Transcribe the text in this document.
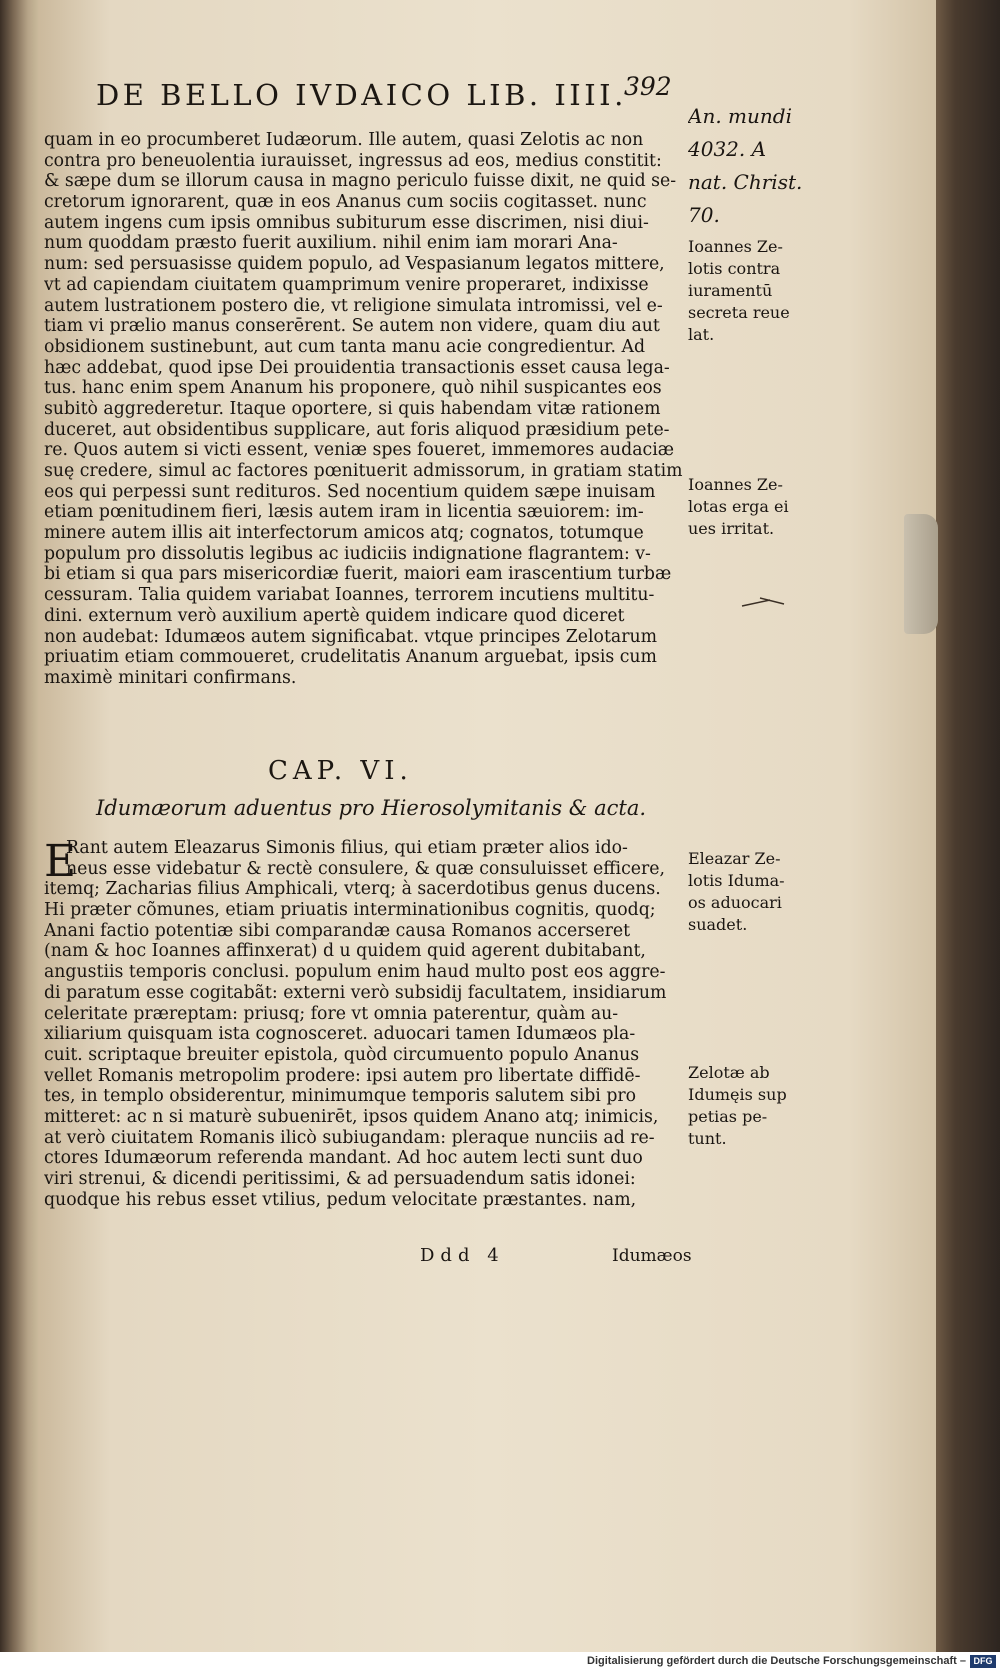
DE BELLO IVDAICO LIB. IIII.
392
quam in eo procumberet Iudæorum. Ille autem, quasi Zelotis ac non
contra pro beneuolentia iurauisset, ingressus ad eos, medius constitit:
& sæpe dum se illorum causa in magno periculo fuisse dixit, ne quid se-
cretorum ignorarent, quæ in eos Ananus cum sociis cogitasset. nunc
autem ingens cum ipsis omnibus subiturum esse discrimen, nisi diui-
num quoddam præsto fuerit auxilium. nihil enim iam morari Ana-
num: sed persuasisse quidem populo, ad Vespasianum legatos mittere,
vt ad capiendam ciuitatem quamprimum venire properaret, indixisse
autem lustrationem postero die, vt religione simulata intromissi, vel e-
tiam vi prælio manus conserērent. Se autem non videre, quam diu aut
obsidionem sustinebunt, aut cum tanta manu acie congredientur. Ad
hæc addebat, quod ipse Dei prouidentia transactionis esset causa lega-
tus. hanc enim spem Ananum his proponere, quò nihil suspicantes eos
subitò aggrederetur. Itaque oportere, si quis habendam vitæ rationem
duceret, aut obsidentibus supplicare, aut foris aliquod præsidium pete-
re. Quos autem si victi essent, veniæ spes foueret, immemores audaciæ
suę credere, simul ac factores pœnituerit admissorum, in gratiam statim
eos qui perpessi sunt redituros. Sed nocentium quidem sæpe inuisam
etiam pœnitudinem fieri, læsis autem iram in licentia sæuiorem: im-
minere autem illis ait interfectorum amicos atq; cognatos, totumque
populum pro dissolutis legibus ac iudiciis indignatione flagrantem: v-
bi etiam si qua pars misericordiæ fuerit, maiori eam irascentium turbæ
cessuram. Talia quidem variabat Ioannes, terrorem incutiens multitu-
dini. externum verò auxilium apertè quidem indicare quod diceret
non audebat: Idumæos autem significabat. vtque principes Zelotarum
priuatim etiam commoueret, crudelitatis Ananum arguebat, ipsis cum
maximè minitari confirmans.
An. mundi
4032. A
nat. Christ.
70.
Ioannes Ze-
lotis contra
iuramentū
secreta reue
lat.
Ioannes Ze-
lotas erga ei
ues irritat.
CAP. VI.
Idumæorum aduentus pro Hierosolymitanis & acta.
E
Rant autem Eleazarus Simonis filius, qui etiam præter alios ido-
neus esse videbatur & rectè consulere, & quæ consuluisset efficere,
itemq; Zacharias filius Amphicali, vterq; à sacerdotibus genus ducens.
Hi præter cõmunes, etiam priuatis interminationibus cognitis, quodq;
Anani factio potentiæ sibi comparandæ causa Romanos accerseret
(nam & hoc Ioannes affinxerat) d u quidem quid agerent dubitabant,
angustiis temporis conclusi. populum enim haud multo post eos aggre-
di paratum esse cogitabãt: externi verò subsidij facultatem, insidiarum
celeritate præreptam: priusq; fore vt omnia paterentur, quàm au-
xiliarium quisquam ista cognosceret. aduocari tamen Idumæos pla-
cuit. scriptaque breuiter epistola, quòd circumuento populo Ananus
vellet Romanis metropolim prodere: ipsi autem pro libertate diffidē-
tes, in templo obsiderentur, minimumque temporis salutem sibi pro
mitteret: ac n si maturè subuenirēt, ipsos quidem Anano atq; inimicis,
at verò ciuitatem Romanis ilicò subiugandam: pleraque nunciis ad re-
ctores Idumæorum referenda mandant. Ad hoc autem lecti sunt duo
viri strenui, & dicendi peritissimi, & ad persuadendum satis idonei:
quodque his rebus esset vtilius, pedum velocitate præstantes. nam,
Eleazar Ze-
lotis Iduma-
os aduocari
suadet.
Zelotæ ab
Idumęis sup
petias pe-
tunt.
Ddd 4	Idumæos
Digitalisierung gefördert durch die Deutsche Forschungsgemeinschaft – DFG
